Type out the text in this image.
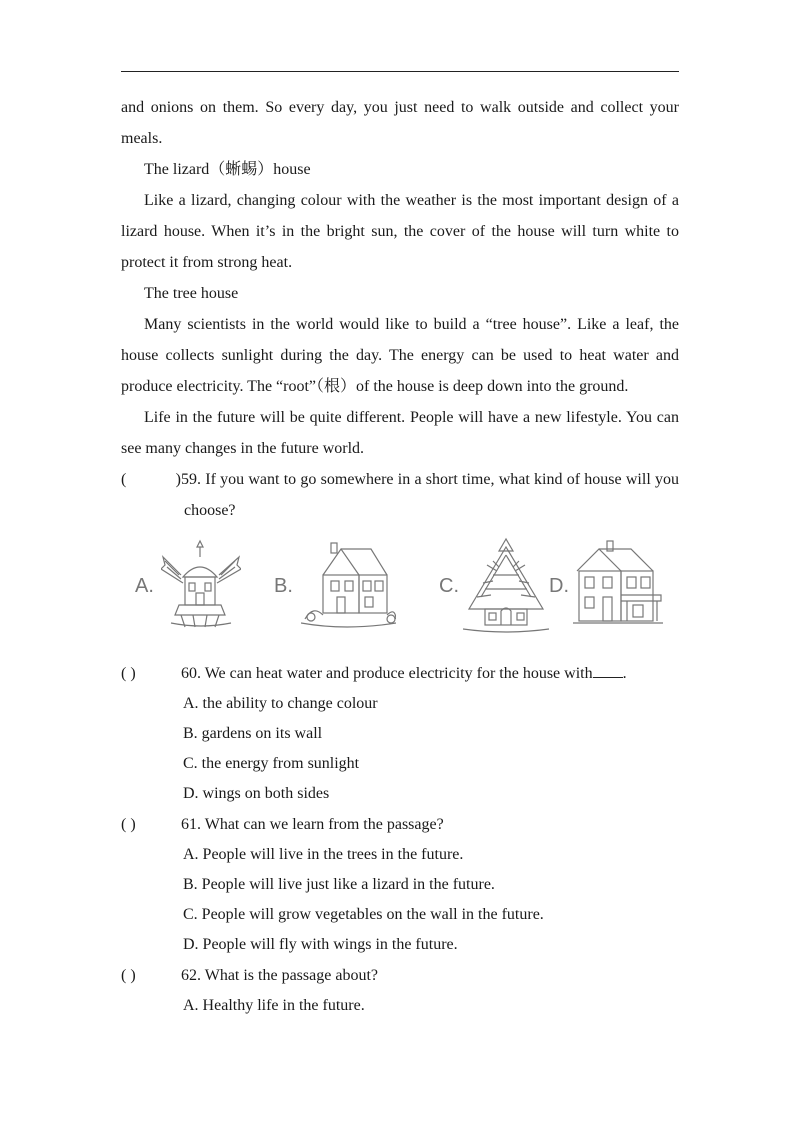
and onions on them. So every day, you just need to walk outside and collect your
meals.
The lizard（蜥蜴）house
Like a lizard, changing colour with the weather is the most important design of a
lizard house. When it’s in the bright sun, the cover of the house will turn white to
protect it from strong heat.
The tree house
Many scientists in the world would like to build a “tree house”. Like a leaf, the
house collects sunlight during the day. The energy can be used to heat water and
produce electricity. The “root”（根）of the house is deep down into the ground.
Life in the future will be quite different. People will have a new lifestyle. You can
see many changes in the future world.
( )59. If you want to go somewhere in a short time, what kind of house will you
choose?
A.	B.	C.	D.
( )	60. We can heat water and produce electricity for the house with .
A. the ability to change colour
B. gardens on its wall
C. the energy from sunlight
D. wings on both sides
( )	61. What can we learn from the passage?
A. People will live in the trees in the future.
B. People will live just like a lizard in the future.
C. People will grow vegetables on the wall in the future.
D. People will fly with wings in the future.
( )	62. What is the passage about?
A. Healthy life in the future.
